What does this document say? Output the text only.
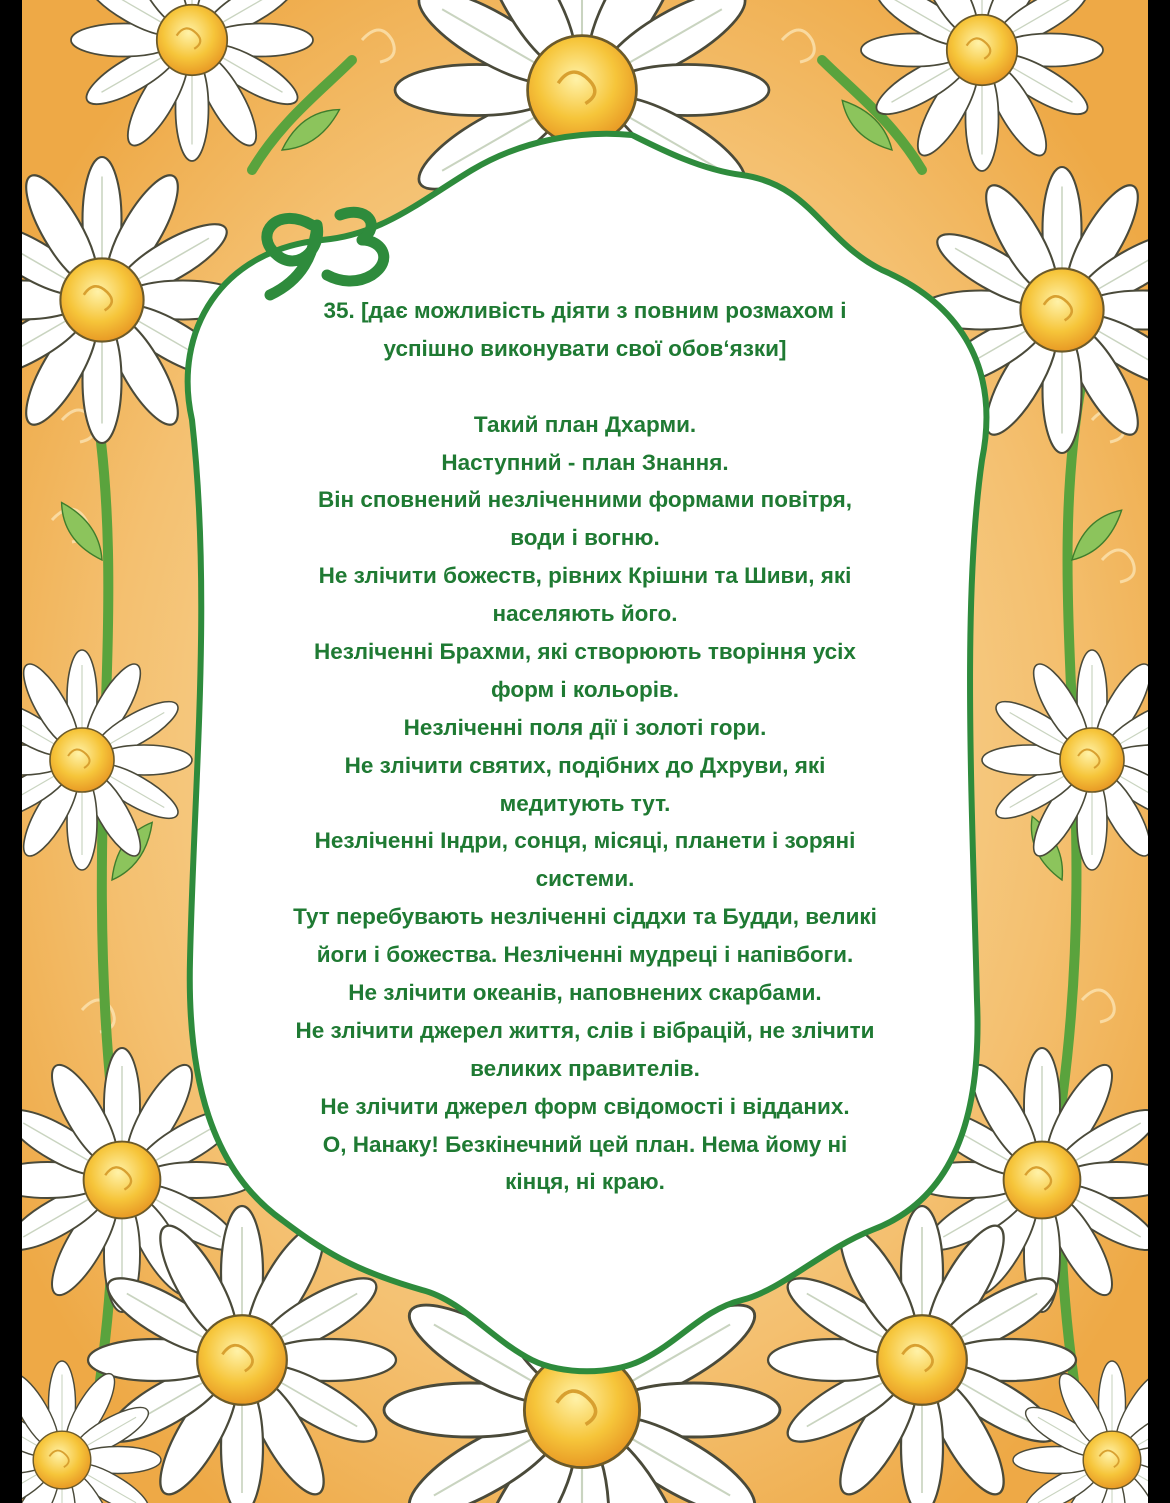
35. [дає можливість діяти з повним розмахом і
успішно виконувати свої обов‘язки]
Такий план Дхарми.
Наступний - план Знання.
Він сповнений незліченними формами повітря,
води і вогню.
Не злічити божеств, рівних Крішни та Шиви, які
населяють його.
Незліченні Брахми, які створюють творіння усіх
форм і кольорів.
Незліченні поля дії і золоті гори.
Не злічити святих, подібних до Дхруви, які
медитують тут.
Незліченні Індри, сонця, місяці, планети і зоряні
системи.
Тут перебувають незліченні сіддхи та Будди, великі
йоги і божества. Незліченні мудреці і напівбоги.
Не злічити океанів, наповнених скарбами.
Не злічити джерел життя, слів і вібрацій, не злічити
великих правителів.
Не злічити джерел форм свідомості і відданих.
О, Нанаку! Безкінечний цей план. Нема йому ні
кінця, ні краю.
